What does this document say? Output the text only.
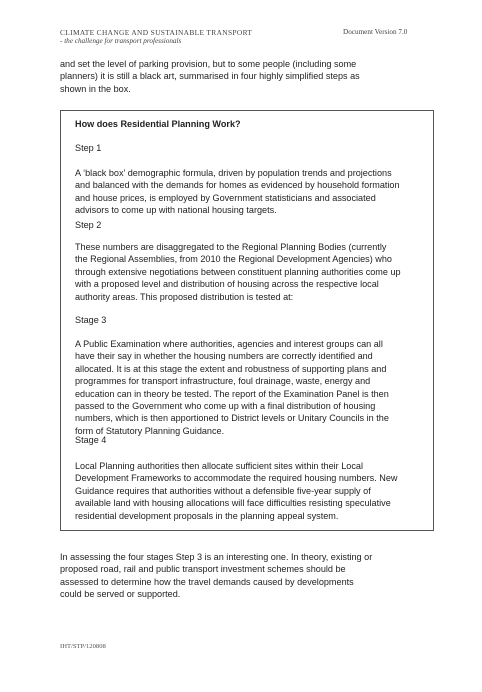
CLIMATE CHANGE AND SUSTAINABLE TRANSPORT
- the challenge for transport professionals
Document Version 7.0
and set the level of parking provision, but to some people (including some
planners) it is still a black art, summarised in four highly simplified steps as
shown in the box.
How does Residential Planning Work?
Step 1
A ‘black box’ demographic formula, driven by population trends and projections
and balanced with the demands for homes as evidenced by household formation
and house prices, is employed by Government statisticians and associated
advisors to come up with national housing targets.
Step 2
These numbers are disaggregated to the Regional Planning Bodies (currently
the Regional Assemblies, from 2010 the Regional Development Agencies) who
through extensive negotiations between constituent planning authorities come up
with a proposed level and distribution of housing across the respective local
authority areas. This proposed distribution is tested at:
Stage 3
A Public Examination where authorities, agencies and interest groups can all
have their say in whether the housing numbers are correctly identified and
allocated. It is at this stage the extent and robustness of supporting plans and
programmes for transport infrastructure, foul drainage, waste, energy and
education can in theory be tested. The report of the Examination Panel is then
passed to the Government who come up with a final distribution of housing
numbers, which is then apportioned to District levels or Unitary Councils in the
form of Statutory Planning Guidance.
Stage 4
Local Planning authorities then allocate sufficient sites within their Local
Development Frameworks to accommodate the required housing numbers. New
Guidance requires that authorities without a defensible five-year supply of
available land with housing allocations will face difficulties resisting speculative
residential development proposals in the planning appeal system.
In assessing the four stages Step 3 is an interesting one. In theory, existing or
proposed road, rail and public transport investment schemes should be
assessed to determine how the travel demands caused by developments
could be served or supported.
IHT/STP/120808
